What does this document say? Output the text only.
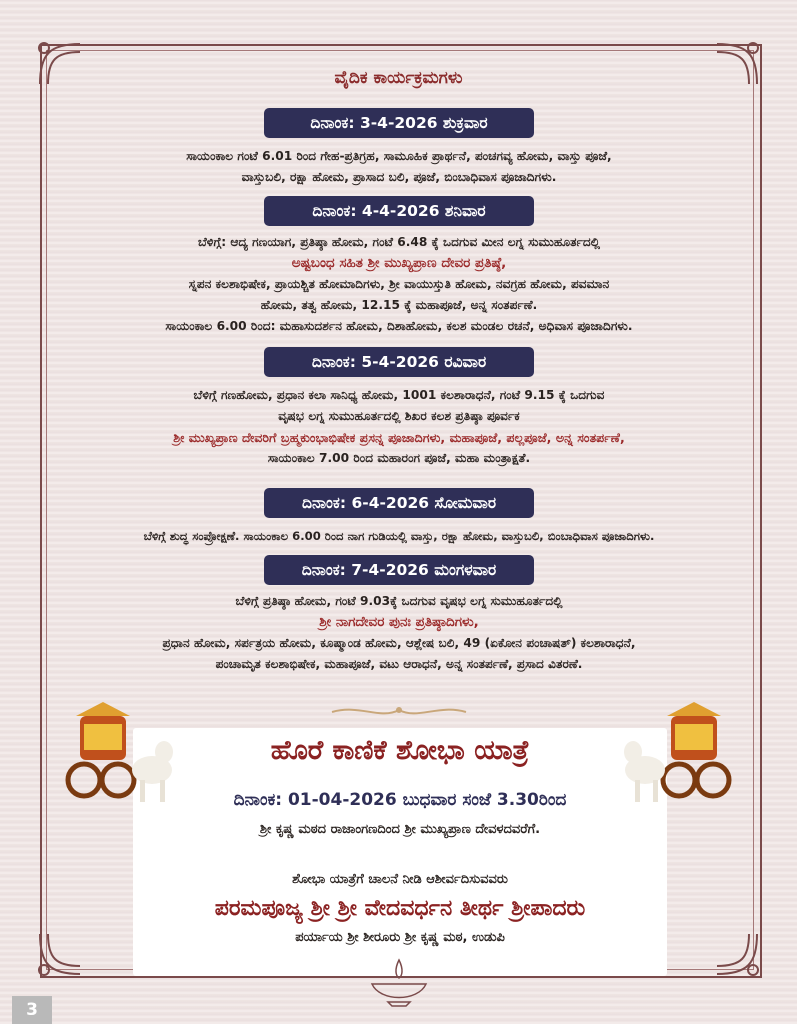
ವೈದಿಕ ಕಾರ್ಯಕ್ರಮಗಳು
ದಿನಾಂಕ: 3-4-2026 ಶುಕ್ರವಾರ
ಸಾಯಂಕಾಲ ಗಂಟೆ 6.01 ರಿಂದ ಗೇಹ-ಪ್ರತಿಗ್ರಹ, ಸಾಮೂಹಿಕ ಪ್ರಾರ್ಥನೆ, ಪಂಚಗವ್ಯ ಹೋಮ, ವಾಸ್ತು ಪೂಜೆ,
ವಾಸ್ತುಬಲಿ, ರಕ್ಷಾ ಹೋಮ, ಪ್ರಾಸಾದ ಬಲಿ, ಪೂಜೆ, ಬಿಂಬಾಧಿವಾಸ ಪೂಜಾದಿಗಳು.
ದಿನಾಂಕ: 4-4-2026 ಶನಿವಾರ
ಬೆಳಿಗ್ಗೆ: ಆದ್ಯ ಗಣಯಾಗ, ಪ್ರತಿಷ್ಠಾ ಹೋಮ, ಗಂಟೆ 6.48 ಕ್ಕೆ ಒದಗುವ ಮೀನ ಲಗ್ನ ಸುಮುಹೂರ್ತದಲ್ಲಿ
ಅಷ್ಟಬಂಧ ಸಹಿತ ಶ್ರೀ ಮುಖ್ಯಪ್ರಾಣ ದೇವರ ಪ್ರತಿಷ್ಠೆ,
ಸ್ನಪನ ಕಲಶಾಭಿಷೇಕ, ಪ್ರಾಯಶ್ಚಿತ ಹೋಮಾದಿಗಳು, ಶ್ರೀ ವಾಯುಸ್ತುತಿ ಹೋಮ, ನವಗ್ರಹ ಹೋಮ, ಪವಮಾನ
ಹೋಮ, ತತ್ವ ಹೋಮ, 12.15 ಕ್ಕೆ ಮಹಾಪೂಜೆ, ಅನ್ನ ಸಂತರ್ಪಣೆ.
ಸಾಯಂಕಾಲ 6.00 ರಿಂದ: ಮಹಾಸುದರ್ಶನ ಹೋಮ, ದಿಶಾಹೋಮ, ಕಲಶ ಮಂಡಲ ರಚನೆ, ಅಧಿವಾಸ ಪೂಜಾದಿಗಳು.
ದಿನಾಂಕ: 5-4-2026 ರವಿವಾರ
ಬೆಳಿಗ್ಗೆ ಗಣಹೋಮ, ಪ್ರಧಾನ ಕಲಾ ಸಾನಿಧ್ಯ ಹೋಮ, 1001 ಕಲಶಾರಾಧನೆ, ಗಂಟೆ 9.15 ಕ್ಕೆ ಒದಗುವ
ವೃಷಭ ಲಗ್ನ ಸುಮುಹೂರ್ತದಲ್ಲಿ ಶಿಖರ ಕಲಶ ಪ್ರತಿಷ್ಠಾ ಪೂರ್ವಕ
ಶ್ರೀ ಮುಖ್ಯಪ್ರಾಣ ದೇವರಿಗೆ ಬ್ರಹ್ಮಕುಂಭಾಭಿಷೇಕ ಪ್ರಸನ್ನ ಪೂಜಾದಿಗಳು, ಮಹಾಪೂಜೆ, ಪಲ್ಲಪೂಜೆ, ಅನ್ನ ಸಂತರ್ಪಣೆ,
ಸಾಯಂಕಾಲ 7.00 ರಿಂದ ಮಹಾರಂಗ ಪೂಜೆ, ಮಹಾ ಮಂತ್ರಾಕ್ಷತೆ.
ದಿನಾಂಕ: 6-4-2026 ಸೋಮವಾರ
ಬೆಳಿಗ್ಗೆ ಶುದ್ಧ ಸಂಪ್ರೋಕ್ಷಣೆ. ಸಾಯಂಕಾಲ 6.00 ರಿಂದ ನಾಗ ಗುಡಿಯಲ್ಲಿ ವಾಸ್ತು, ರಕ್ಷಾ ಹೋಮ, ವಾಸ್ತುಬಲಿ, ಬಿಂಬಾಧಿವಾಸ ಪೂಜಾದಿಗಳು.
ದಿನಾಂಕ: 7-4-2026 ಮಂಗಳವಾರ
ಬೆಳಿಗ್ಗೆ ಪ್ರತಿಷ್ಠಾ ಹೋಮ, ಗಂಟೆ 9.03ಕ್ಕೆ ಒದಗುವ ವೃಷಭ ಲಗ್ನ ಸುಮುಹೂರ್ತದಲ್ಲಿ
ಶ್ರೀ ನಾಗದೇವರ ಪುನಃ ಪ್ರತಿಷ್ಠಾದಿಗಳು,
ಪ್ರಧಾನ ಹೋಮ, ಸರ್ಪತ್ರಯ ಹೋಮ, ಕೂಷ್ಮಾಂಡ ಹೋಮ, ಆಶ್ಲೇಷ ಬಲಿ, 49 (ಏಕೋನ ಪಂಚಾಷತ್) ಕಲಶಾರಾಧನೆ,
ಪಂಚಾಮೃತ ಕಲಶಾಭಿಷೇಕ, ಮಹಾಪೂಜೆ, ವಟು ಆರಾಧನೆ, ಅನ್ನ ಸಂತರ್ಪಣೆ, ಪ್ರಸಾದ ವಿತರಣೆ.
ಹೊರೆ ಕಾಣಿಕೆ ಶೋಭಾ ಯಾತ್ರೆ
ದಿನಾಂಕ: 01-04-2026 ಬುಧವಾರ ಸಂಜೆ 3.30ರಿಂದ
ಶ್ರೀ ಕೃಷ್ಣ ಮಠದ ರಾಜಾಂಗಣದಿಂದ ಶ್ರೀ ಮುಖ್ಯಪ್ರಾಣ ದೇವಳದವರೆಗೆ.
ಶೋಭಾ ಯಾತ್ರೆಗೆ ಚಾಲನೆ ನೀಡಿ ಆಶೀರ್ವದಿಸುವವರು
ಪರಮಪೂಜ್ಯ ಶ್ರೀ ಶ್ರೀ ವೇದವರ್ಧನ ತೀರ್ಥ ಶ್ರೀಪಾದರು
ಪರ್ಯಾಯ ಶ್ರೀ ಶೀರೂರು ಶ್ರೀ ಕೃಷ್ಣ ಮಠ, ಉಡುಪಿ
3
